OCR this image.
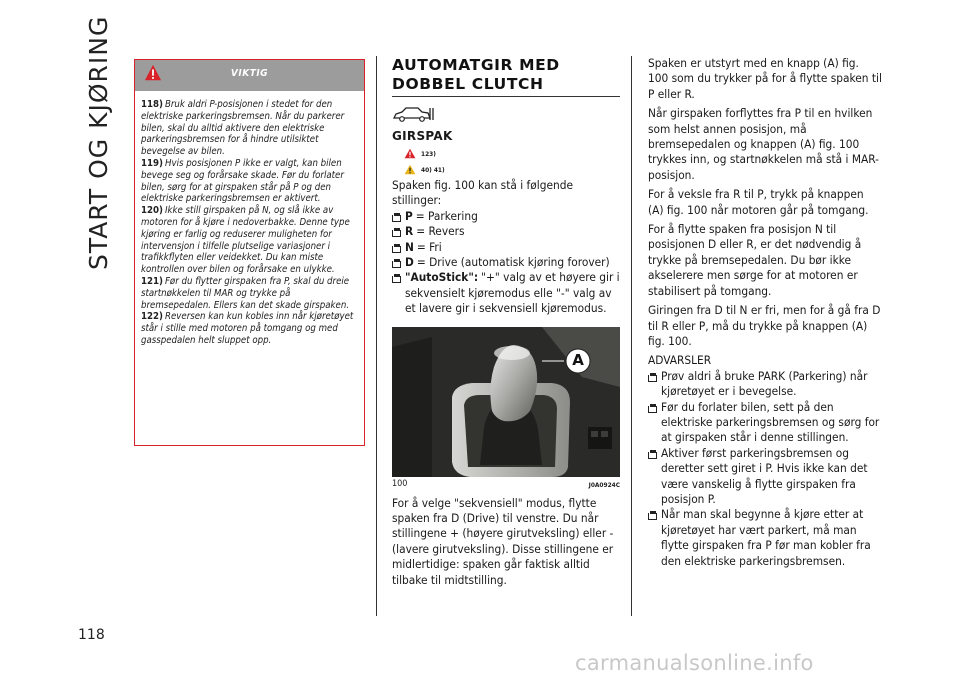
START OG KJØRING
118
VIKTIG

118) Bruk aldri P-posisjonen i stedet for den elektriske parkeringsbremsen. Når du parkerer bilen, skal du alltid aktivere den elektriske parkeringsbremsen for å hindre utilsiktet bevegelse av bilen.

119) Hvis posisjonen P ikke er valgt, kan bilen bevege seg og forårsake skade. Før du forlater bilen, sørg for at girspaken står på P og den elektriske parkeringsbremsen er aktivert.

120) Ikke still girspaken på N, og slå ikke av motoren for å kjøre i nedoverbakke. Denne type kjøring er farlig og reduserer muligheten for intervensjon i tilfelle plutselige variasjoner i trafikkflyten eller veidekket. Du kan miste kontrollen over bilen og forårsake en ulykke.

121) Før du flytter girspaken fra P, skal du dreie startnøkkelen til MAR og trykke på bremsepedalen. Ellers kan det skade girspaken.

122) Reversen kan kun kobles inn når kjøretøyet står i stille med motoren på tomgang og med gasspedalen helt sluppet opp.

AUTOMATGIR MED DOBBEL CLUTCH
GIRSPAK
123)
40) 41)

Spaken fig. 100 kan stå i følgende stillinger:

P = Parkering
R = Revers
N = Fri
D = Drive (automatisk kjøring forover)
"AutoStick": "+" valg av et høyere gir i sekvensielt kjøremodus elle "-" valg av et lavere gir i sekvensiell kjøremodus.
A
100	J0A0924C
For å velge "sekvensiell" modus, flytte spaken fra D (Drive) til venstre. Du når stillingene + (høyere girutveksling) eller - (lavere girutveksling). Disse stillingene er midlertidige: spaken går faktisk alltid tilbake til midtstilling.

Spaken er utstyrt med en knapp (A) fig. 100 som du trykker på for å flytte spaken til P eller R.

Når girspaken forflyttes fra P til en hvilken som helst annen posisjon, må bremsepedalen og knappen (A) fig. 100 trykkes inn, og startnøkkelen må stå i MAR-posisjon.

For å veksle fra R til P, trykk på knappen (A) fig. 100 når motoren går på tomgang.

For å flytte spaken fra posisjon N til posisjonen D eller R, er det nødvendig å trykke på bremsepedalen. Du bør ikke akselerere men sørge for at motoren er stabilisert på tomgang.

Giringen fra D til N er fri, men for å gå fra D til R eller P, må du trykke på knappen (A) fig. 100.

ADVARSLER

Prøv aldri å bruke PARK (Parkering) når kjøretøyet er i bevegelse.
Før du forlater bilen, sett på den elektriske parkeringsbremsen og sørg for at girspaken står i denne stillingen.
Aktiver først parkeringsbremsen og deretter sett giret i P. Hvis ikke kan det være vanskelig å flytte girspaken fra posisjon P.
Når man skal begynne å kjøre etter at kjøretøyet har vært parkert, må man flytte girspaken fra P før man kobler fra den elektriske parkeringsbremsen.
carmanualsonline.info
